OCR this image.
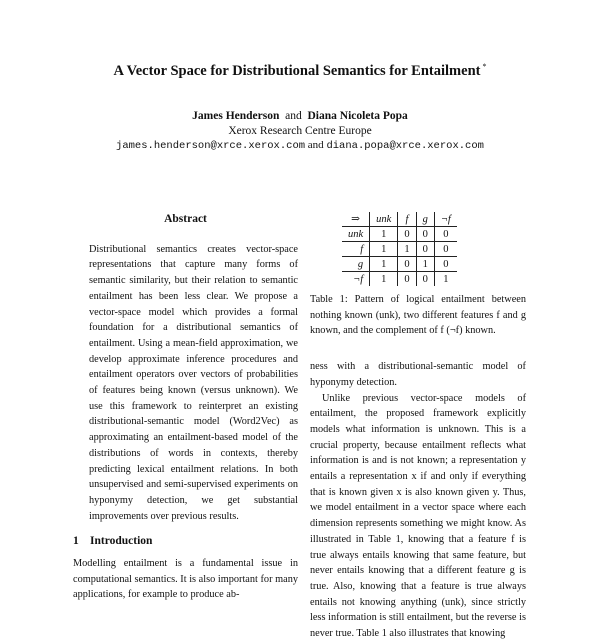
A Vector Space for Distributional Semantics for Entailment *
James Henderson and Diana Nicoleta Popa
Xerox Research Centre Europe
james.henderson@xrce.xerox.com and diana.popa@xrce.xerox.com
Abstract

Distributional semantics creates vector-space representations that capture many forms of semantic similarity, but their relation to semantic entailment has been less clear. We propose a vector-space model which provides a formal foundation for a distributional semantics of entailment. Using a mean-field approximation, we develop approximate inference procedures and entailment operators over vectors of probabilities of features being known (versus unknown). We use this framework to reinterpret an existing distributional-semantic model (Word2Vec) as approximating an entailment-based model of the distributions of words in contexts, thereby predicting lexical entailment relations. In both unsupervised and semi-supervised experiments on hyponymy detection, we get substantial improvements over previous results.

1 Introduction

Modelling entailment is a fundamental issue in computational semantics. It is also important for many applications, for example to produce ab-

⇒	unk	f	g	¬f
unk	1	0	0	0
f	1	1	0	0
g	1	0	1	0
¬f	1	0	0	1

Table 1: Pattern of logical entailment between nothing known (unk), two different features f and g known, and the complement of f (¬f) known.

ness with a distributional-semantic model of hyponymy detection.

Unlike previous vector-space models of entailment, the proposed framework explicitly models what information is unknown. This is a crucial property, because entailment reflects what information is and is not known; a representation y entails a representation x if and only if everything that is known given x is also known given y. Thus, we model entailment in a vector space where each dimension represents something we might know. As illustrated in Table 1, knowing that a feature f is true always entails knowing that same feature, but never entails knowing that a different feature g is true. Also, knowing that a feature is true always entails not knowing anything (unk), since strictly less information is still entailment, but the reverse is never true. Table 1 also illustrates that knowing
